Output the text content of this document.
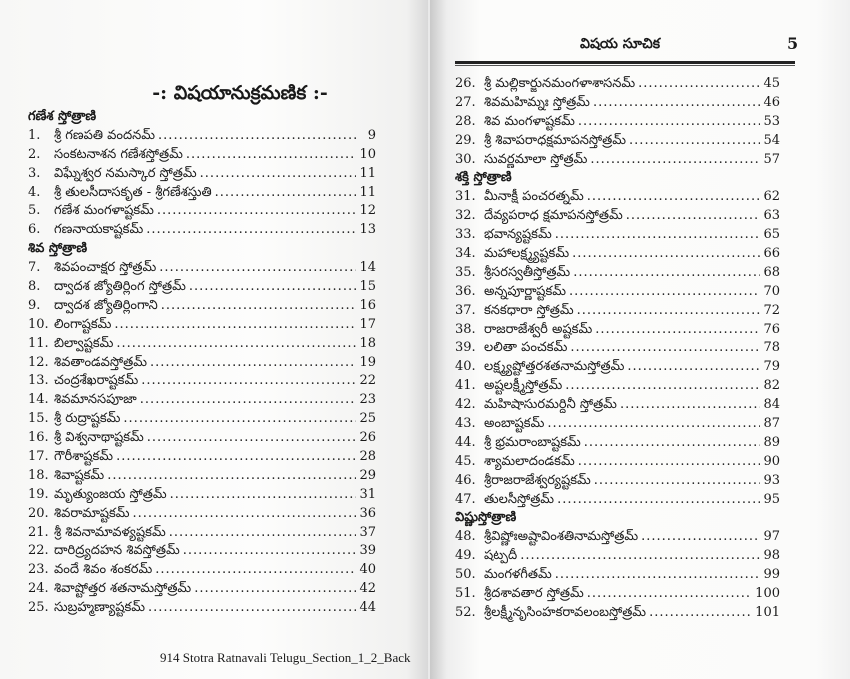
-: విషయానుక్రమణిక :-
గణేశ స్తోత్రాణి
1.	శ్రీ గణపతి వందనమ్ .....	9
2.	సంకటనాశన గణేశస్తోత్రమ్ .....	10
3.	విఘ్నేశ్వర నమస్కార స్తోత్రమ్ .....	11
4.	శ్రీ తులసీదాసకృత - శ్రీగణేశస్తుతి .....	11
5.	గణేశ మంగళాష్టకమ్ .....	12
6.	గణనాయకాష్టకమ్ .....	13
శివ స్తోత్రాణి
7.	శివపంచాక్షర స్తోత్రమ్ .....	14
8.	ద్వాదశ జ్యోతిర్లింగ స్తోత్రమ్ .....	15
9.	ద్వాదశ జ్యోతిర్లింగాని .....	16
10. లింగాష్టకమ్ .....	17
11. బిల్వాష్టకమ్ .....	18
12. శివతాండవస్తోత్రమ్ .....	19
13. చంద్రశేఖరాష్టకమ్ .....	22
14. శివమానసపూజా .....	23
15. శ్రీ రుద్రాష్టకమ్ .....	25
16. శ్రీ విశ్వనాథాష్టకమ్ .....	26
17. గౌరీశాష్టకమ్ .....	28
18. శివాష్టకమ్ .....	29
19. మృత్యుంజయ స్తోత్రమ్ .....	31
20. శివరామాష్టకమ్ .....	36
21. శ్రీ శివనామావళ్యష్టకమ్ .....	37
22. దారిద్ర్యదహన శివస్తోత్రమ్ .....	39
23. వందే శివం శంకరమ్ .....	40
24. శివాష్టోత్తర శతనామస్తోత్రమ్ .....	42
25. సుబ్రహ్మణ్యాష్టకమ్ .....	44
914 Stotra Ratnavali Telugu_Section_1_2_Back
విషయ సూచిక	5
26. శ్రీ మల్లికార్జునమంగళాశాసనమ్ .....	45
27. శివమహిమ్నః స్తోత్రమ్ .....	46
28. శివ మంగళాష్టకమ్ .....	53
29. శ్రీ శివాపరాధక్షమాపనస్తోత్రమ్ .....	54
30. సువర్ణమాలా స్తోత్రమ్ .....	57
శక్తి స్తోత్రాణి
31. మీనాక్షీ పంచరత్నమ్ .....	62
32. దేవ్యపరాధ క్షమాపనస్తోత్రమ్ .....	63
33. భవాన్యష్టకమ్ .....	65
34. మహాలక్ష్మ్యష్టకమ్ .....	66
35. శ్రీసరస్వతీస్తోత్రమ్ .....	68
36. అన్నపూర్ణాష్టకమ్ .....	70
37. కనకధారా స్తోత్రమ్ .....	72
38. రాజరాజేశ్వరీ అష్టకమ్ .....	76
39. లలితా పంచకమ్ .....	78
40. లక్ష్మ్యష్టోత్తరశతనామస్తోత్రమ్ .....	79
41. అష్టలక్ష్మీస్తోత్రమ్ .....	82
42. మహిషాసురమర్దినీ స్తోత్రమ్ .....	84
43. అంబాష్టకమ్ .....	87
44. శ్రీ భ్రమరాంబాష్టకమ్ .....	89
45. శ్యామలాదండకమ్ .....	90
46. శ్రీరాజరాజేశ్వర్యష్టకమ్ .....	93
47. తులసీస్తోత్రమ్ .....	95
విష్ణుస్తోత్రాణి
48. శ్రీవిష్ణోఃఅష్టావింశతినామస్తోత్రమ్ .....	97
49. షట్పదీ .....	98
50. మంగళగీతమ్ .....	99
51. శ్రీదశావతార స్తోత్రమ్ .....	100
52. శ్రీలక్ష్మీనృసింహకరావలంబస్తోత్రమ్ .....	101
